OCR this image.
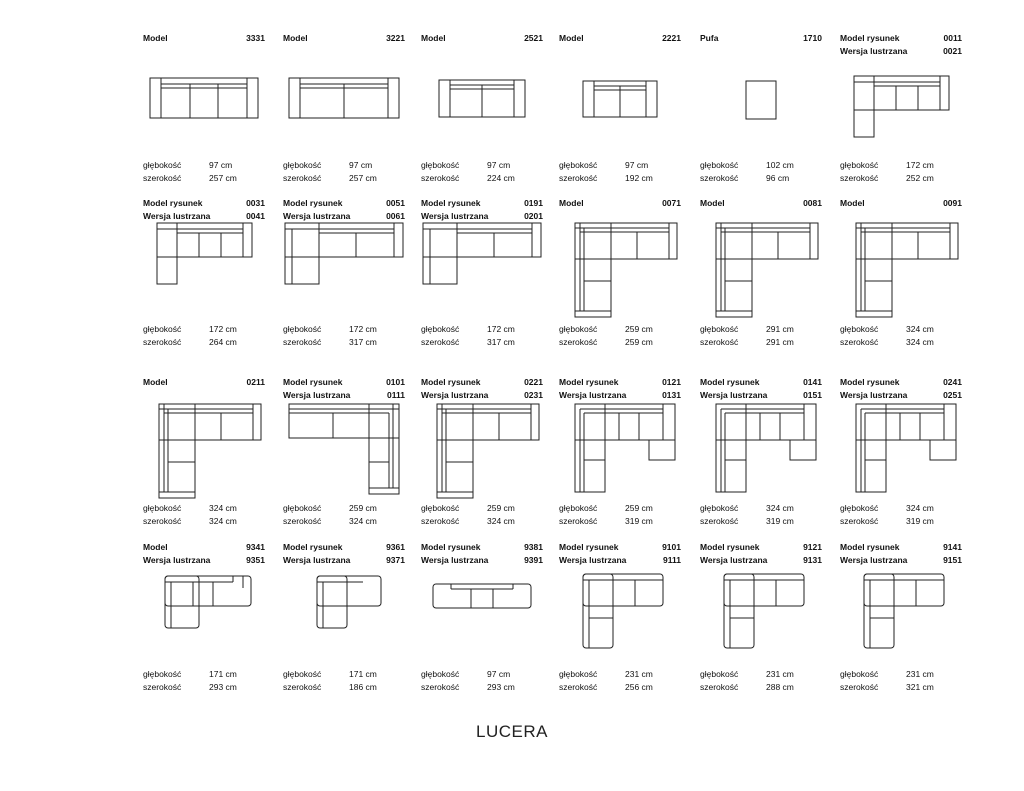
Model	3331
głębokość	97 cm
szerokość	257 cm
Model	3221
głębokość	97 cm
szerokość	257 cm
Model	2521
głębokość	97 cm
szerokość	224 cm
Model	2221
głębokość	97 cm
szerokość	192 cm
Pufa	1710
głębokość	102 cm
szerokość	96 cm
Model rysunek	0011
Wersja lustrzana	0021
głębokość	172 cm
szerokość	252 cm
Model rysunek	0031
Wersja lustrzana	0041
głębokość	172 cm
szerokość	264 cm
Model rysunek	0051
Wersja lustrzana	0061
głębokość	172 cm
szerokość	317 cm
Model rysunek	0191
Wersja lustrzana	0201
głębokość	172 cm
szerokość	317 cm
Model	0071
głębokość	259 cm
szerokość	259 cm
Model	0081
głębokość	291 cm
szerokość	291 cm
Model	0091
głębokość	324 cm
szerokość	324 cm
Model	0211
głębokość	324 cm
szerokość	324 cm
Model rysunek	0101
Wersja lustrzana	0111
głębokość	259 cm
szerokość	324 cm
Model rysunek	0221
Wersja lustrzana	0231
głębokość	259 cm
szerokość	324 cm
Model rysunek	0121
Wersja lustrzana	0131
głębokość	259 cm
szerokość	319 cm
Model rysunek	0141
Wersja lustrzana	0151
głębokość	324 cm
szerokość	319 cm
Model rysunek	0241
Wersja lustrzana	0251
głębokość	324 cm
szerokość	319 cm
Model	9341
Wersja lustrzana	9351
głębokość	171 cm
szerokość	293 cm
Model rysunek	9361
Wersja lustrzana	9371
głębokość	171 cm
szerokość	186 cm
Model rysunek	9381
Wersja lustrzana	9391
głębokość	97 cm
szerokość	293 cm
Model rysunek	9101
Wersja lustrzana	9111
głębokość	231 cm
szerokość	256 cm
Model rysunek	9121
Wersja lustrzana	9131
głębokość	231 cm
szerokość	288 cm
Model rysunek	9141
Wersja lustrzana	9151
głębokość	231 cm
szerokość	321 cm
LUCERA
